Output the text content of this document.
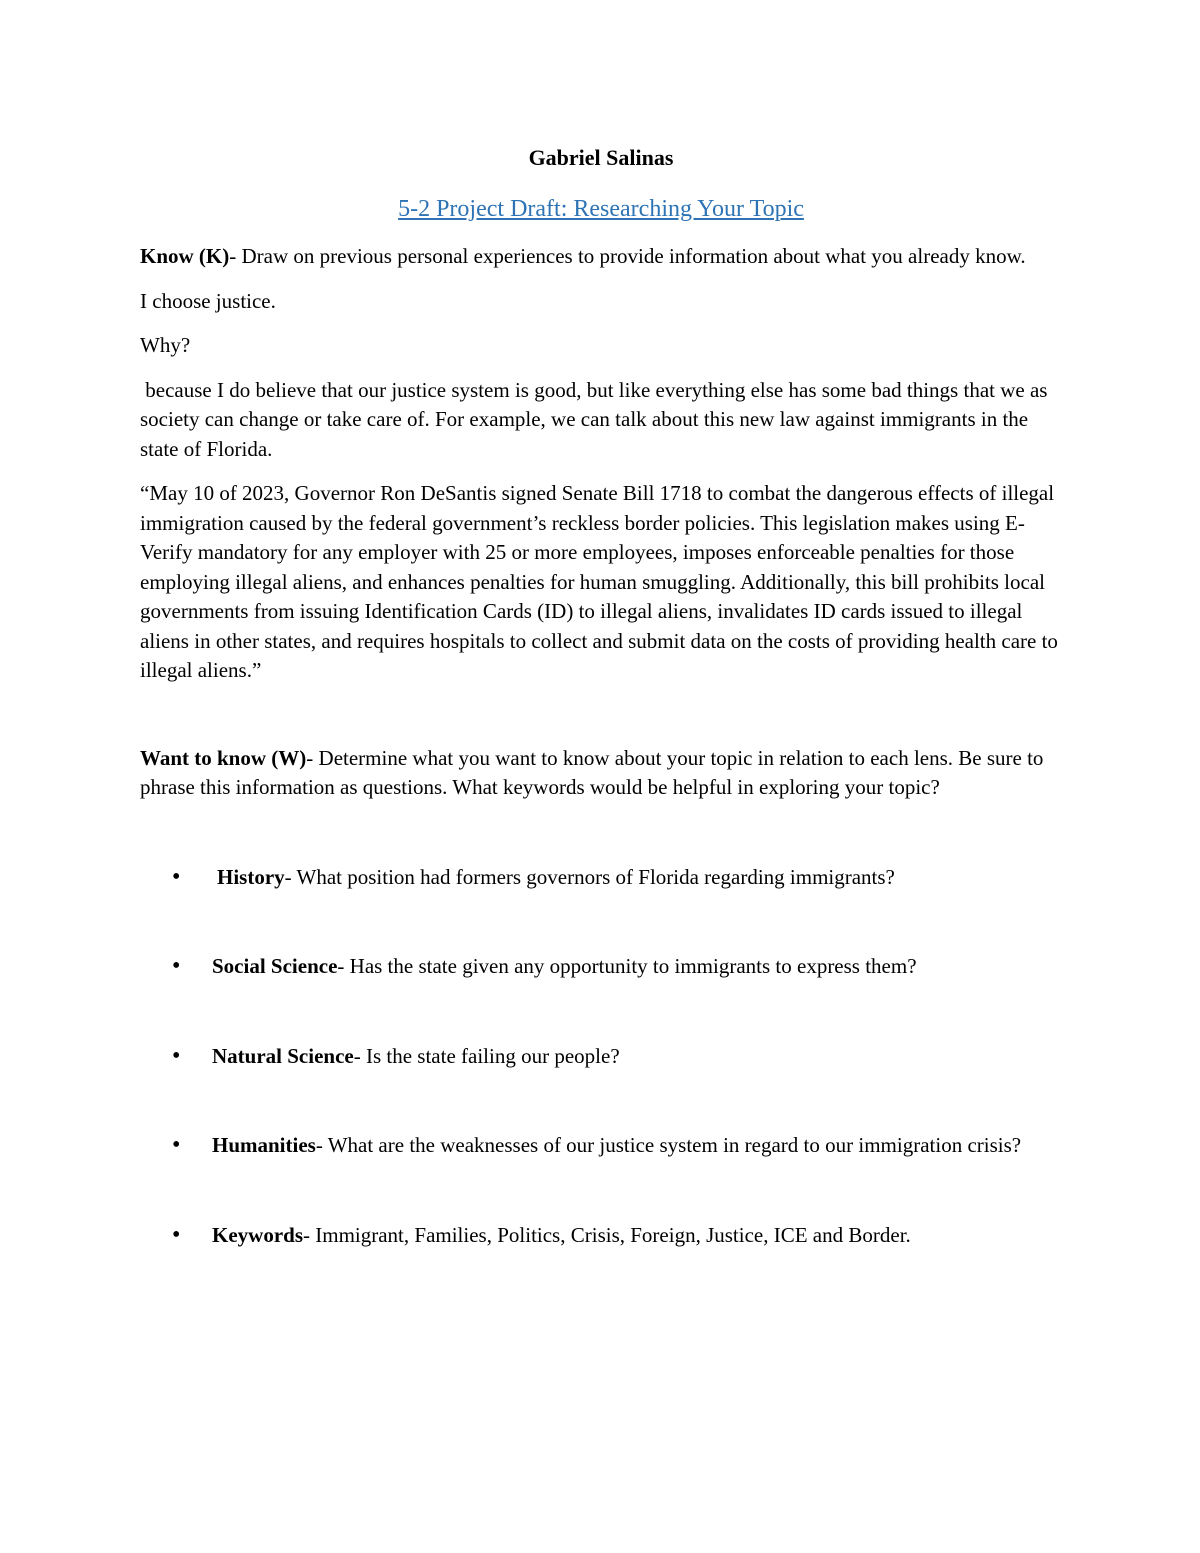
Gabriel Salinas
5-2 Project Draft: Researching Your Topic

Know (K)- Draw on previous personal experiences to provide information about what you already know.

I choose justice.

Why?

because I do believe that our justice system is good, but like everything else has some bad things that we as society can change or take care of. For example, we can talk about this new law against immigrants in the state of Florida.

“May 10 of 2023, Governor Ron DeSantis signed Senate Bill 1718 to combat the dangerous effects of illegal immigration caused by the federal government’s reckless border policies. This legislation makes using E-Verify mandatory for any employer with 25 or more employees, imposes enforceable penalties for those employing illegal aliens, and enhances penalties for human smuggling. Additionally, this bill prohibits local governments from issuing Identification Cards (ID) to illegal aliens, invalidates ID cards issued to illegal aliens in other states, and requires hospitals to collect and submit data on the costs of providing health care to illegal aliens.”

Want to know (W)- Determine what you want to know about your topic in relation to each lens. Be sure to phrase this information as questions. What keywords would be helpful in exploring your topic?

• History- What position had formers governors of Florida regarding immigrants?
• Social Science- Has the state given any opportunity to immigrants to express them?
• Natural Science- Is the state failing our people?
• Humanities- What are the weaknesses of our justice system in regard to our immigration crisis?
• Keywords- Immigrant, Families, Politics, Crisis, Foreign, Justice, ICE and Border.
